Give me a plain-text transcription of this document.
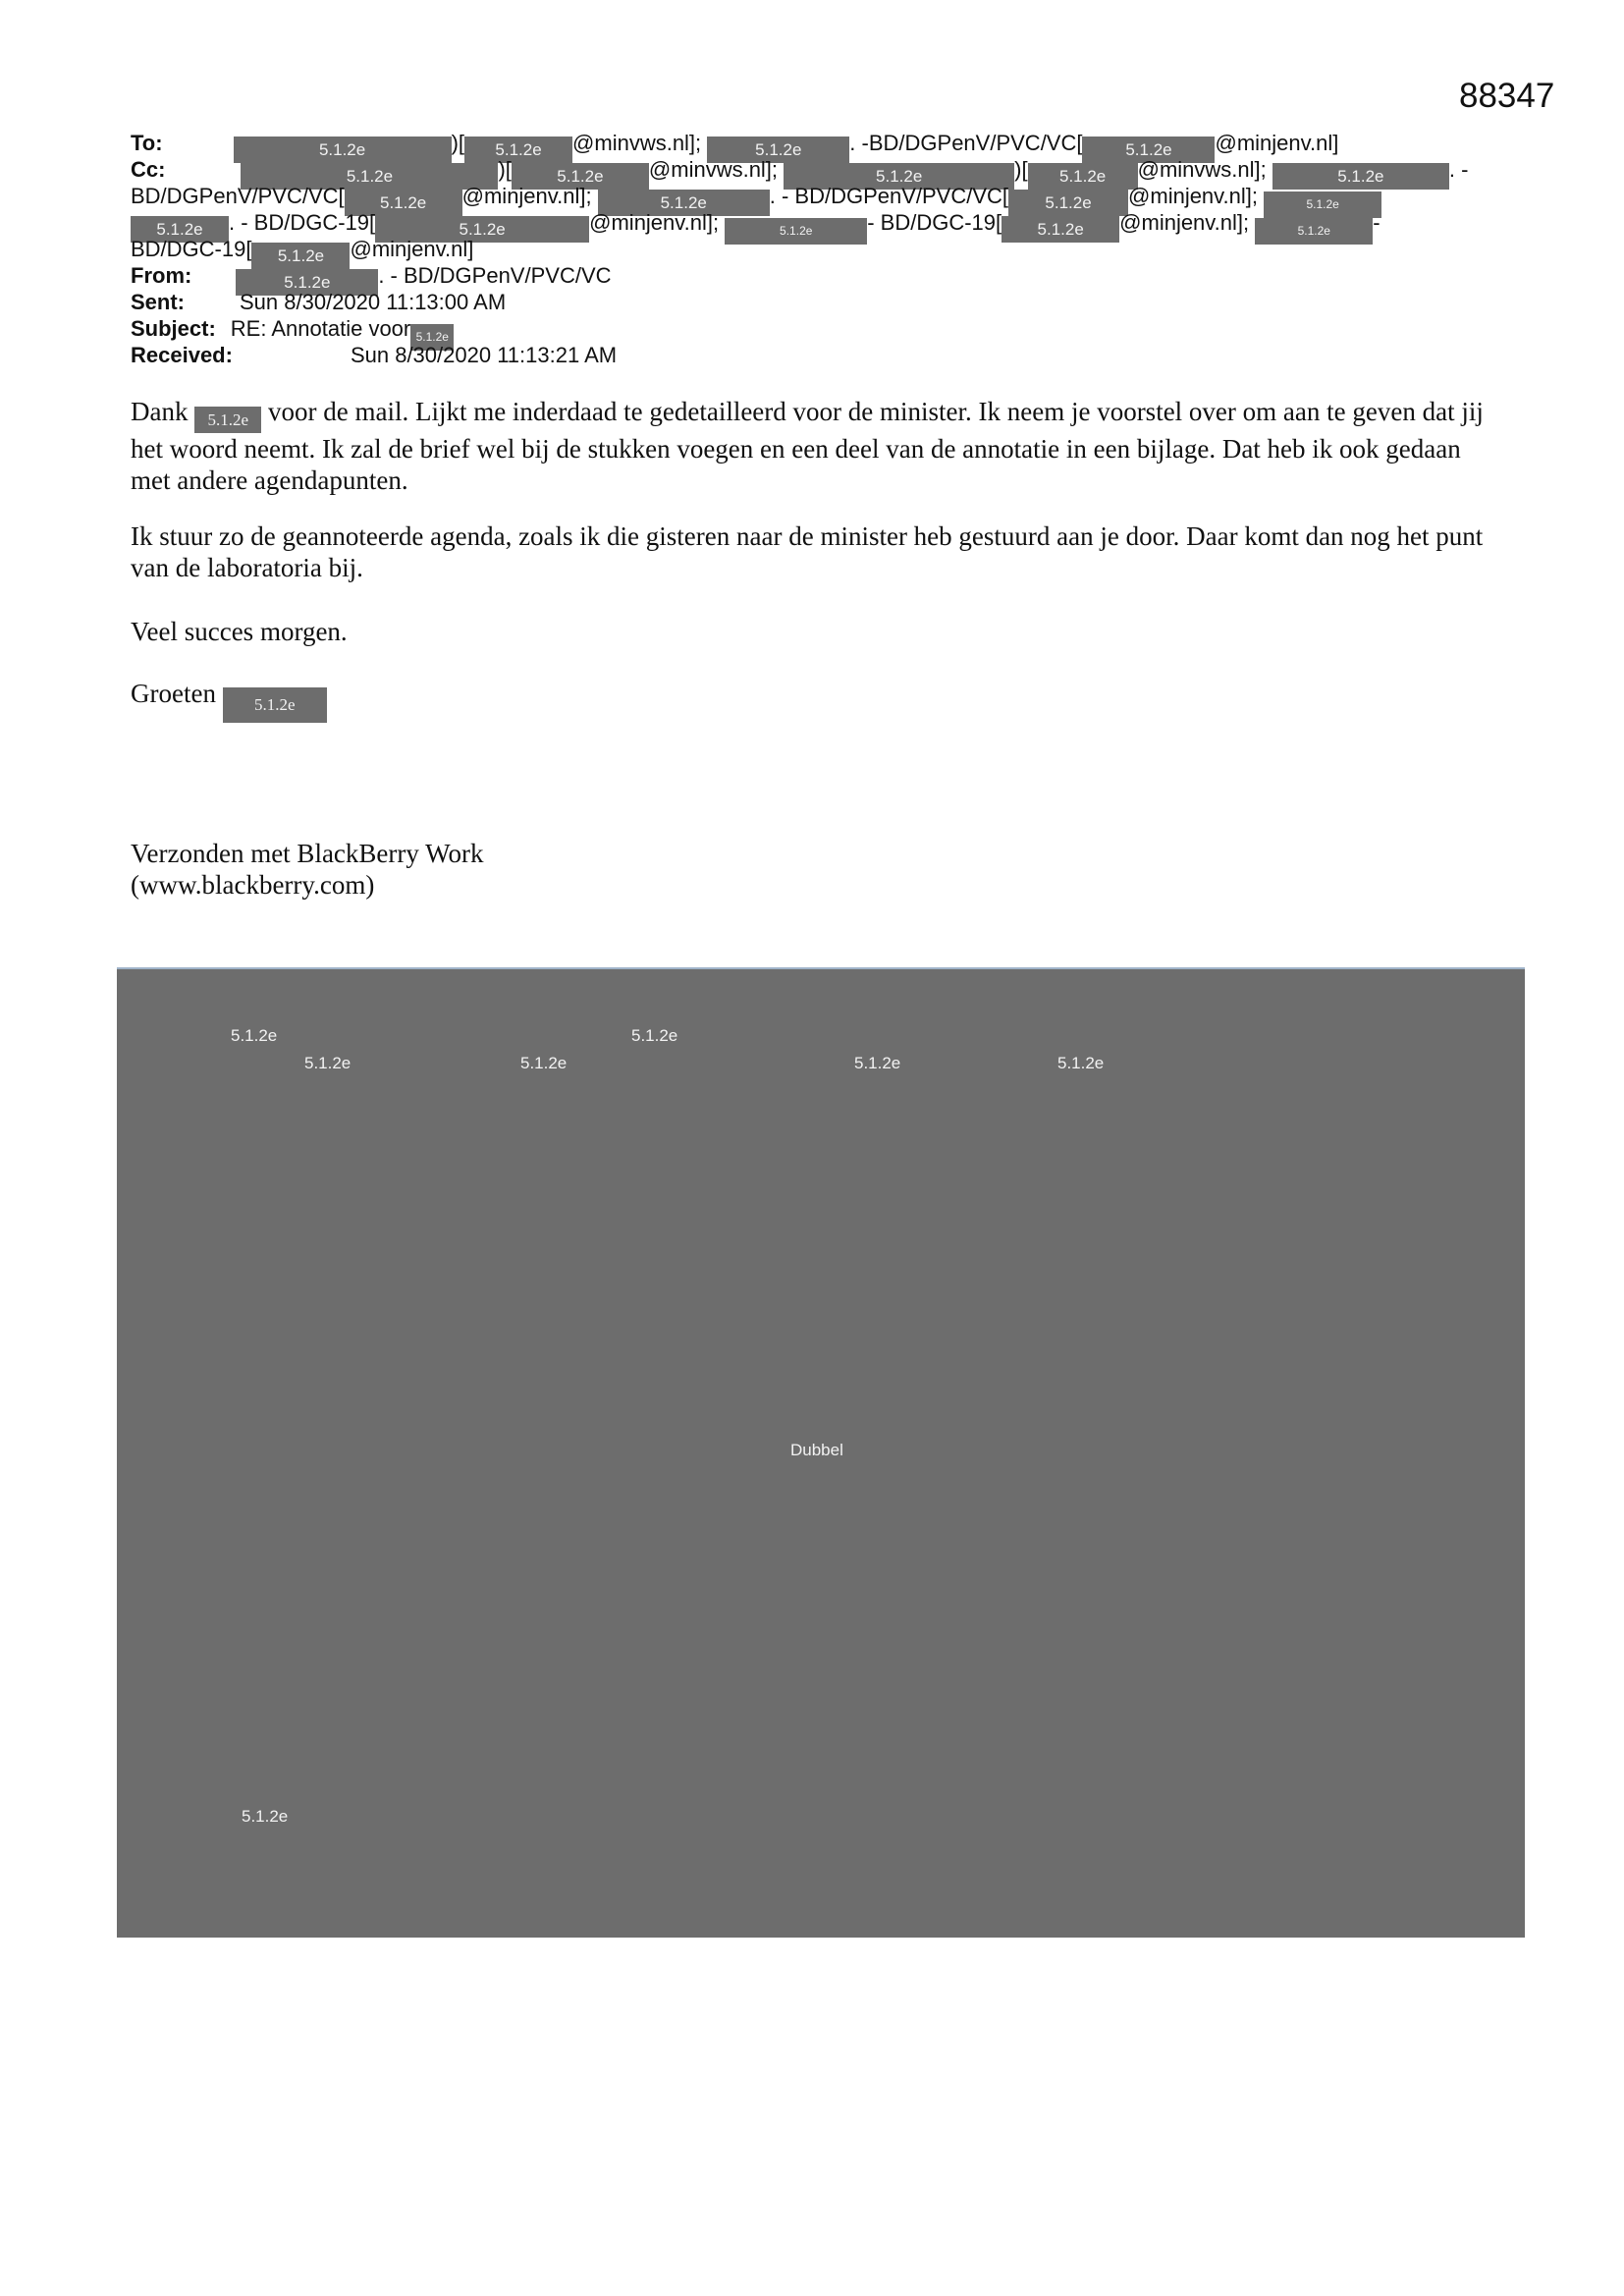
88347
To:	5.1.2e	)[ 5.1.2e @minvws.nl];	5.1.2e . -BD/DGPenV/PVC/VC[	5.1.2e @minjenv.nl]
Cc:	5.1.2e	)[	5.1.2e @minvws.nl];	5.1.2e	)[ 5.1.2e @minvws.nl];	5.1.2e	. -
BD/DGPenV/PVC/VC[ 5.1.2e @minjenv.nl];	5.1.2e	. - BD/DGPenV/PVC/VC[ 5.1.2e @minjenv.nl];	5.1.2e
5.1.2e . - BD/DGC-19[	5.1.2e	@minjenv.nl];	5.1.2e	- BD/DGC-19[ 5.1.2e @minjenv.nl];	5.1.2e -
BD/DGC-19[ 5.1.2e @minjenv.nl]
From:	5.1.2e . - BD/DGPenV/PVC/VC
Sent:	Sun 8/30/2020 11:13:00 AM
Subject: RE: Annotatie voor 5.1.2e
Received:	Sun 8/30/2020 11:13:21 AM

Dank 5.1.2e voor de mail. Lijkt me inderdaad te gedetailleerd voor de minister. Ik neem je voorstel over om aan te geven dat jij het woord neemt. Ik zal de brief wel bij de stukken voegen en een deel van de annotatie in een bijlage. Dat heb ik ook gedaan met andere agendapunten.

Ik stuur zo de geannoteerde agenda, zoals ik die gisteren naar de minister heb gestuurd aan je door. Daar komt dan nog het punt van de laboratoria bij.

Veel succes morgen.

Groeten 5.1.2e

Verzonden met BlackBerry Work

(www.blackberry.com)

5.1.2e	5.1.2e
5.1.2e	5.1.2e	5.1.2e	5.1.2e
Dubbel
5.1.2e
